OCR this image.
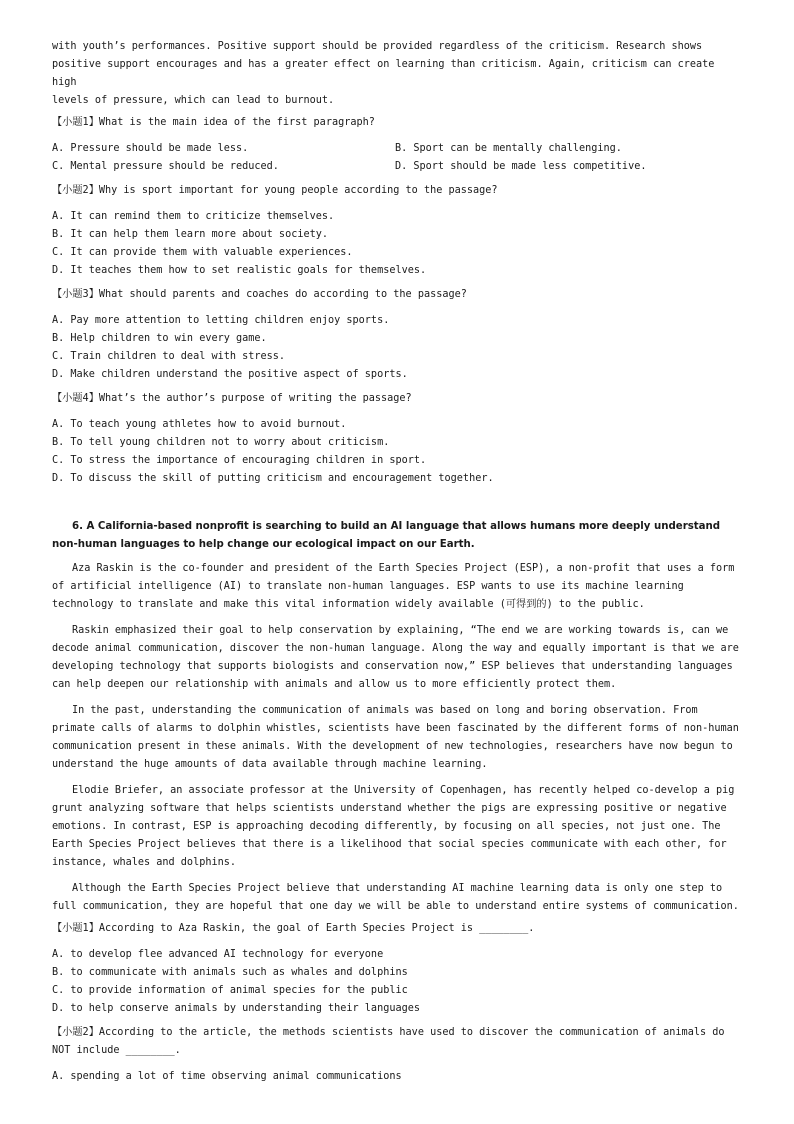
with youth’s performances. Positive support should be provided regardless of the criticism. Research shows

positive support encourages and has a greater effect on learning than criticism. Again, criticism can create high

levels of pressure, which can lead to burnout.

【小题1】What is the main idea of the first paragraph?
A. Pressure should be made less.	B. Sport can be mentally challenging.
C. Mental pressure should be reduced.	D. Sport should be made less competitive.
【小题2】Why is sport important for young people according to the passage?
A. It can remind them to criticize themselves.
B. It can help them learn more about society.
C. It can provide them with valuable experiences.
D. It teaches them how to set realistic goals for themselves.
【小题3】What should parents and coaches do according to the passage?
A. Pay more attention to letting children enjoy sports.
B. Help children to win every game.
C. Train children to deal with stress.
D. Make children understand the positive aspect of sports.
【小题4】What’s the author’s purpose of writing the passage?
A. To teach young athletes how to avoid burnout.
B. To tell young children not to worry about criticism.
C. To stress the importance of encouraging children in sport.
D. To discuss the skill of putting criticism and encouragement together.
6. A California-based nonprofit is searching to build an AI language that allows humans more deeply understand non-human languages to help change our ecological impact on our Earth.

Aza Raskin is the co-founder and president of the Earth Species Project (ESP), a non-profit that uses a form of artificial intelligence (AI) to translate non-human languages. ESP wants to use its machine learning technology to translate and make this vital information widely available (可得到的) to the public.

Raskin emphasized their goal to help conservation by explaining, “The end we are working towards is, can we decode animal communication, discover the non-human language. Along the way and equally important is that we are developing technology that supports biologists and conservation now,” ESP believes that understanding languages can help deepen our relationship with animals and allow us to more efficiently protect them.

In the past, understanding the communication of animals was based on long and boring observation. From primate calls of alarms to dolphin whistles, scientists have been fascinated by the different forms of non-human communication present in these animals. With the development of new technologies, researchers have now begun to understand the huge amounts of data available through machine learning.

Elodie Briefer, an associate professor at the University of Copenhagen, has recently helped co-develop a pig grunt analyzing software that helps scientists understand whether the pigs are expressing positive or negative emotions. In contrast, ESP is approaching decoding differently, by focusing on all species, not just one. The Earth Species Project believes that there is a likelihood that social species communicate with each other, for instance, whales and dolphins.

Although the Earth Species Project believe that understanding AI machine learning data is only one step to full communication, they are hopeful that one day we will be able to understand entire systems of communication.

【小题1】According to Aza Raskin, the goal of Earth Species Project is ________.
A. to develop flee advanced AI technology for everyone
B. to communicate with animals such as whales and dolphins
C. to provide information of animal species for the public
D. to help conserve animals by understanding their languages
【小题2】According to the article, the methods scientists have used to discover the communication of animals do NOT include ________.
A. spending a lot of time observing animal communications
